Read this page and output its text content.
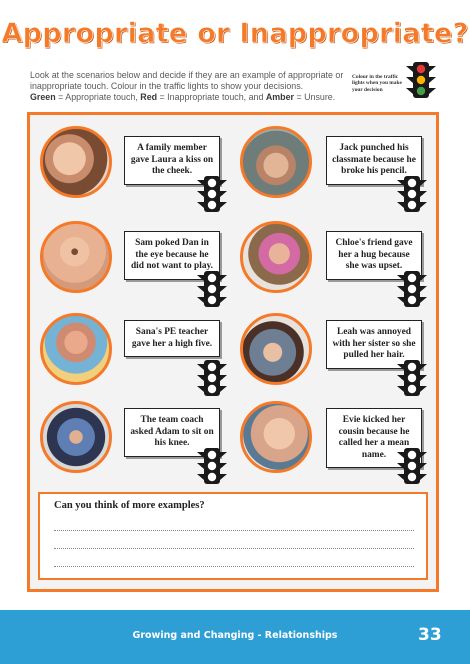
Appropriate or Inappropriate?
Look at the scenarios below and decide if they are an example of appropriate or inappropriate touch. Colour in the traffic lights to show your decisions.
Green = Appropriate touch, Red = Inappropriate touch, and Amber = Unsure.
Colour in the traffic lights when you make your decision
A family member gave Laura a kiss on the cheek.
Jack punched his classmate because he broke his pencil.
Sam poked Dan in the eye because he did not want to play.
Chloe's friend gave her a hug because she was upset.
Sana's PE teacher gave her a high five.
Leah was annoyed with her sister so she pulled her hair.
The team coach asked Adam to sit on his knee.
Evie kicked her cousin because he called her a mean name.
Can you think of more examples?
Growing and Changing - Relationships	33
